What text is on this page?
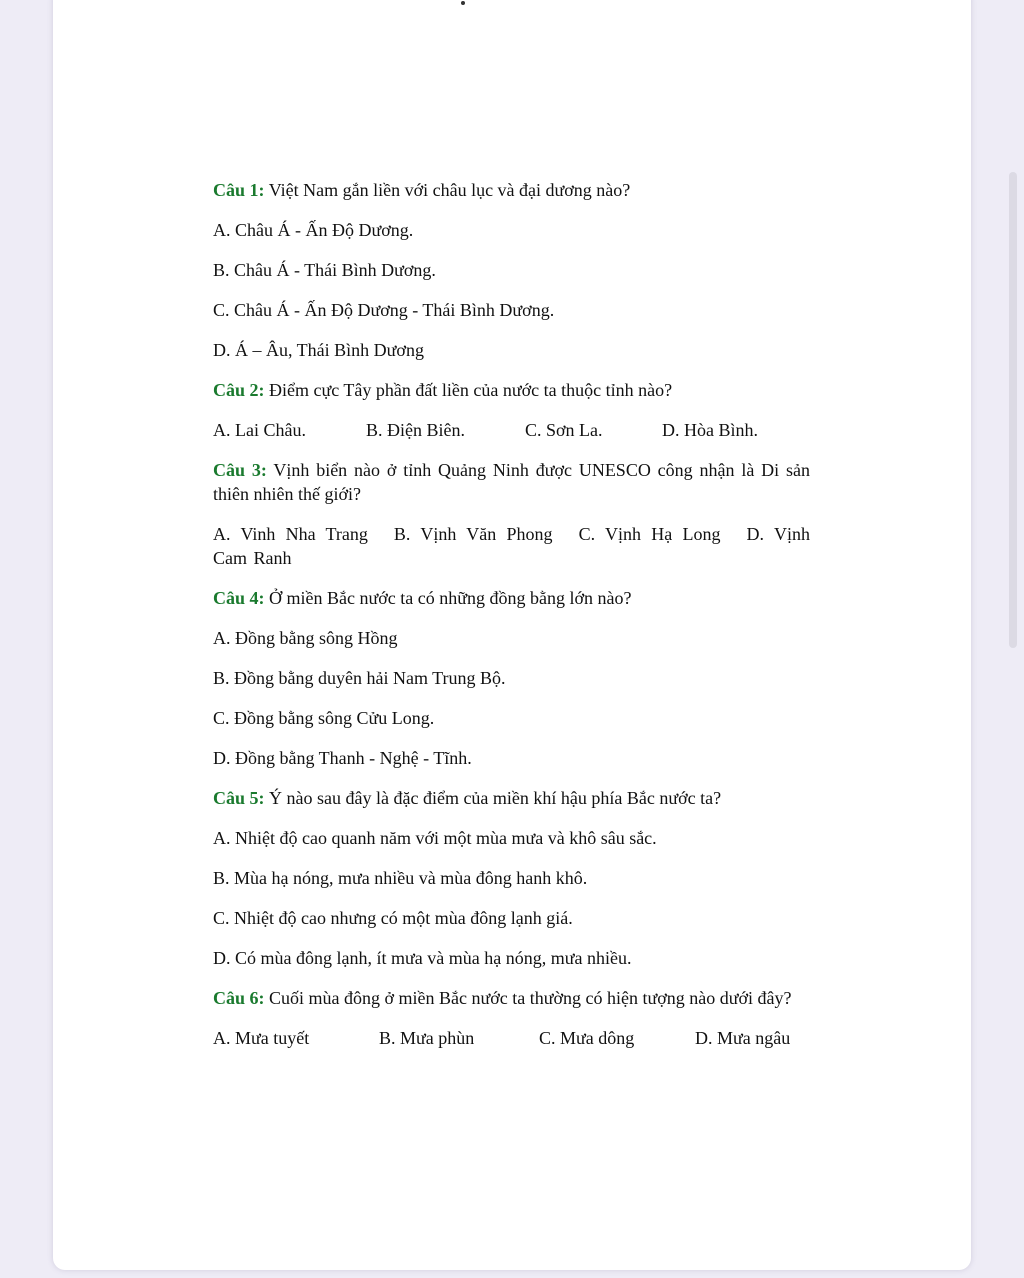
Câu 1: Việt Nam gắn liền với châu lục và đại dương nào?
A. Châu Á - Ấn Độ Dương.
B. Châu Á - Thái Bình Dương.
C. Châu Á - Ấn Độ Dương - Thái Bình Dương.
D. Á – Âu, Thái Bình Dương
Câu 2: Điểm cực Tây phần đất liền của nước ta thuộc tỉnh nào?
A. Lai Châu.	B. Điện Biên.	C. Sơn La.	D. Hòa Bình.
Câu 3: Vịnh biển nào ở tỉnh Quảng Ninh được UNESCO công nhận là Di sản thiên nhiên thế giới?
A. Vinh Nha Trang B. Vịnh Văn Phong C. Vịnh Hạ Long D. Vịnh Cam Ranh
Câu 4: Ở miền Bắc nước ta có những đồng bằng lớn nào?
A. Đồng bằng sông Hồng
B. Đồng bằng duyên hải Nam Trung Bộ.
C. Đồng bằng sông Cửu Long.
D. Đồng bằng Thanh - Nghệ - Tĩnh.
Câu 5: Ý nào sau đây là đặc điểm của miền khí hậu phía Bắc nước ta?
A. Nhiệt độ cao quanh năm với một mùa mưa và khô sâu sắc.
B. Mùa hạ nóng, mưa nhiều và mùa đông hanh khô.
C. Nhiệt độ cao nhưng có một mùa đông lạnh giá.
D. Có mùa đông lạnh, ít mưa và mùa hạ nóng, mưa nhiều.
Câu 6: Cuối mùa đông ở miền Bắc nước ta thường có hiện tượng nào dưới đây?
A. Mưa tuyết	B. Mưa phùn	C. Mưa dông	D. Mưa ngâu
